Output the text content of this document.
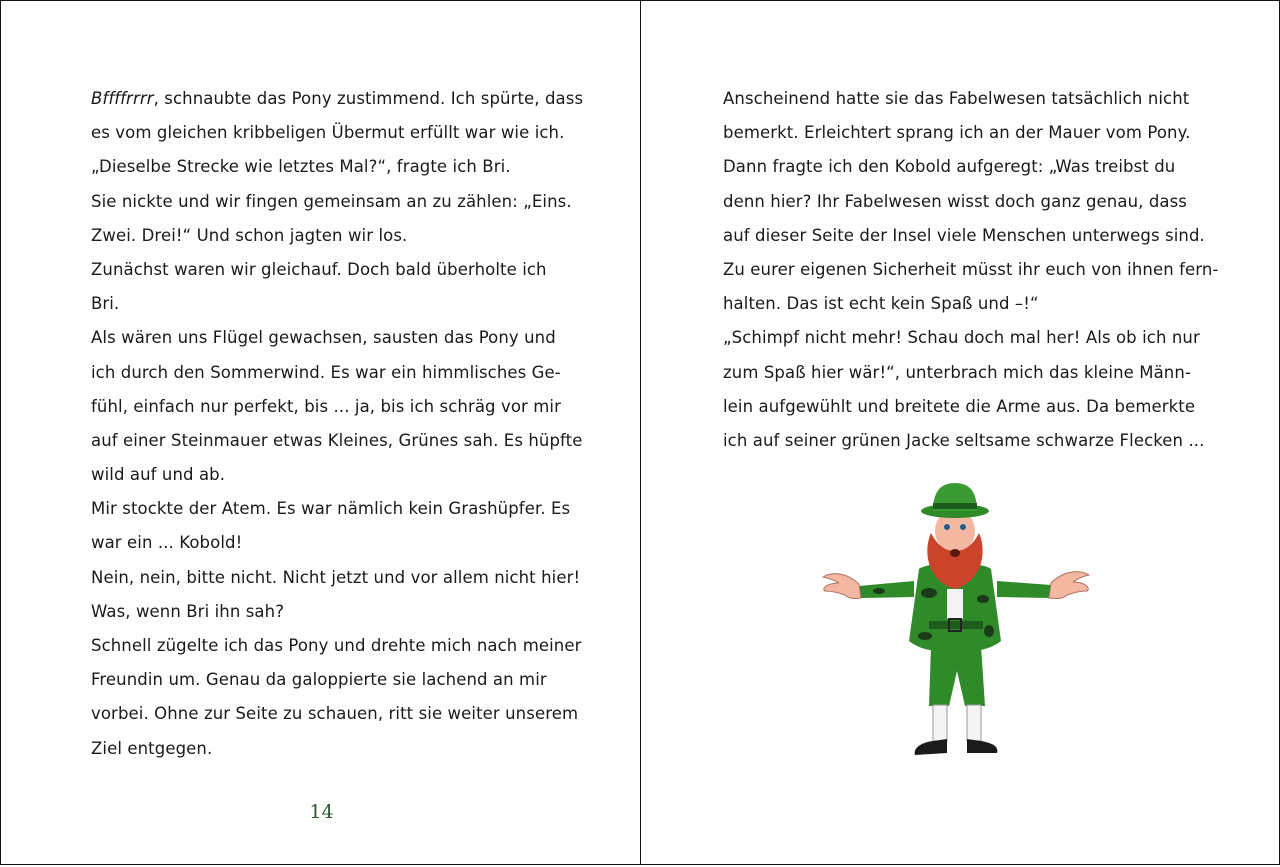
Bffffrrrr, schnaubte das Pony zustimmend. Ich spürte, dass
es vom gleichen kribbeligen Übermut erfüllt war wie ich.
„Dieselbe Strecke wie letztes Mal?“, fragte ich Bri.
Sie nickte und wir fingen gemeinsam an zu zählen: „Eins.
Zwei. Drei!“ Und schon jagten wir los.
Zunächst waren wir gleichauf. Doch bald überholte ich
Bri.
Als wären uns Flügel gewachsen, sausten das Pony und
ich durch den Sommerwind. Es war ein himmlisches Ge-
fühl, einfach nur perfekt, bis ... ja, bis ich schräg vor mir
auf einer Steinmauer etwas Kleines, Grünes sah. Es hüpfte
wild auf und ab.
Mir stockte der Atem. Es war nämlich kein Grashüpfer. Es
war ein ... Kobold!
Nein, nein, bitte nicht. Nicht jetzt und vor allem nicht hier!
Was, wenn Bri ihn sah?
Schnell zügelte ich das Pony und drehte mich nach meiner
Freundin um. Genau da galoppierte sie lachend an mir
vorbei. Ohne zur Seite zu schauen, ritt sie weiter unserem
Ziel entgegen.
14
Anscheinend hatte sie das Fabelwesen tatsächlich nicht
bemerkt. Erleichtert sprang ich an der Mauer vom Pony.
Dann fragte ich den Kobold aufgeregt: „Was treibst du
denn hier? Ihr Fabelwesen wisst doch ganz genau, dass
auf dieser Seite der Insel viele Menschen unterwegs sind.
Zu eurer eigenen Sicherheit müsst ihr euch von ihnen fern-
halten. Das ist echt kein Spaß und –!“
„Schimpf nicht mehr! Schau doch mal her! Als ob ich nur
zum Spaß hier wär!“, unterbrach mich das kleine Männ-
lein aufgewühlt und breitete die Arme aus. Da bemerkte
ich auf seiner grünen Jacke seltsame schwarze Flecken ...
